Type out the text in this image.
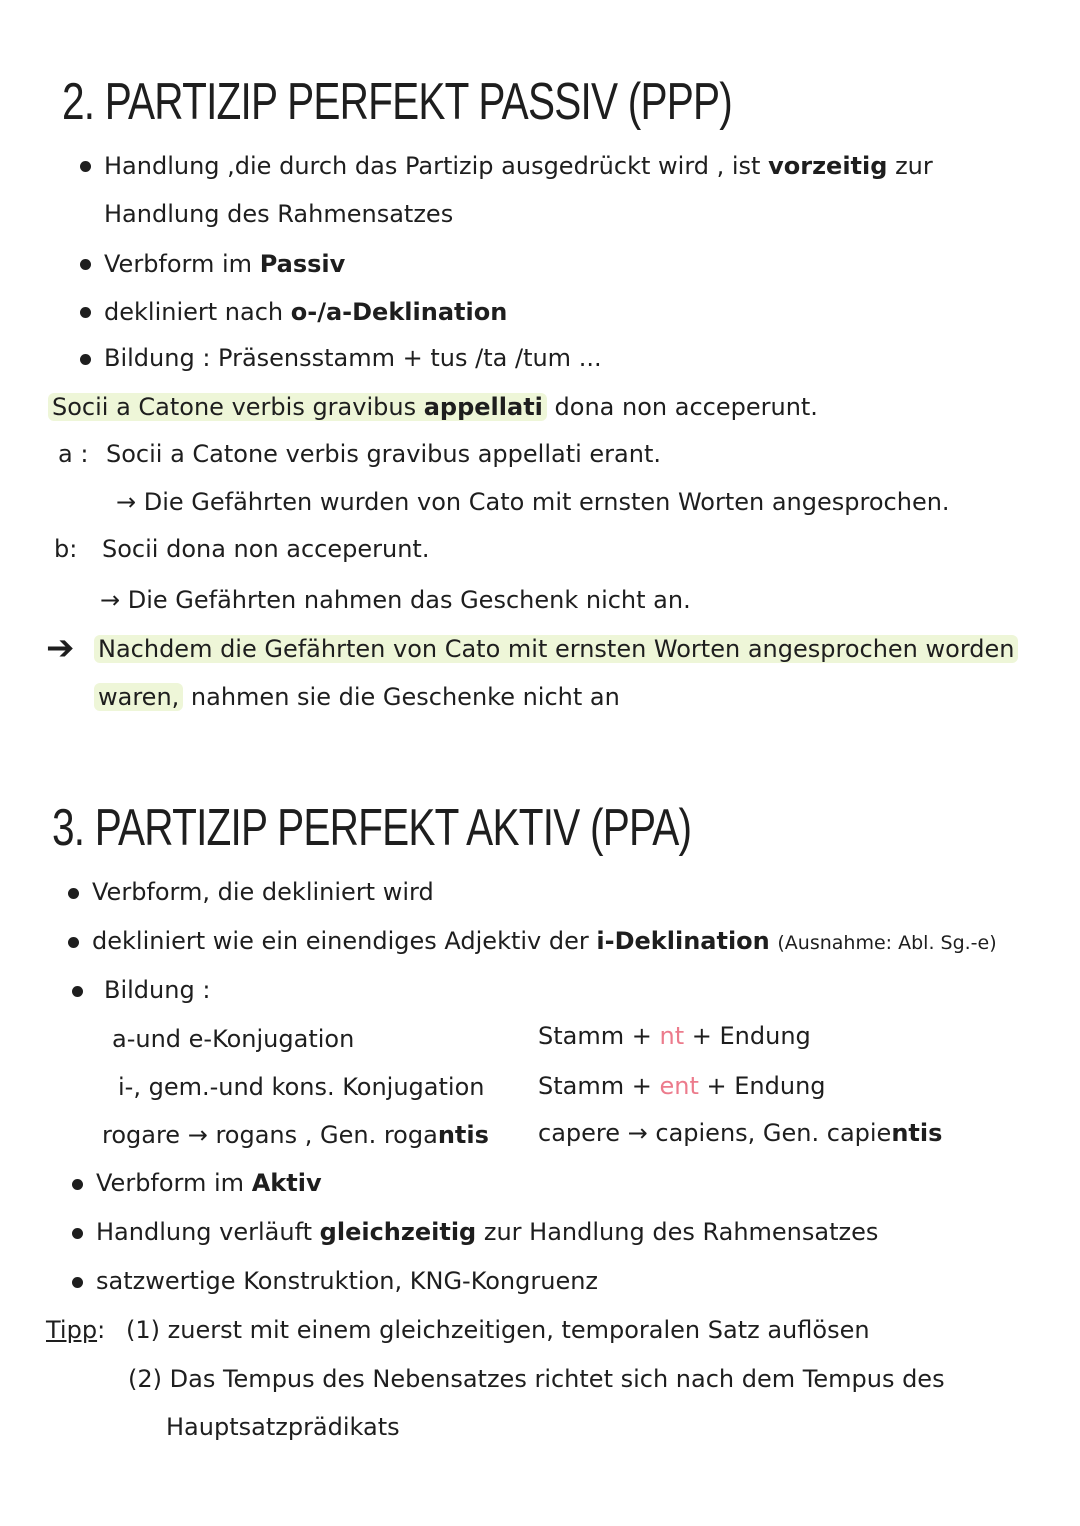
2. PARTIZIP PERFEKT PASSIV (PPP)
Handlung ,die durch das Partizip ausgedrückt wird , ist vorzeitig zur
Handlung des Rahmensatzes
Verbform im Passiv
dekliniert nach o-/a-Deklination
Bildung : Präsensstamm + tus /ta /tum ...
Socii a Catone verbis gravibus appellati dona non acceperunt.
a : Socii a Catone verbis gravibus appellati erant.
→ Die Gefährten wurden von Cato mit ernsten Worten angesprochen.
b: Socii dona non acceperunt.
→ Die Gefährten nahmen das Geschenk nicht an.
➔ Nachdem die Gefährten von Cato mit ernsten Worten angesprochen worden
waren, nahmen sie die Geschenke nicht an
3. PARTIZIP PERFEKT AKTIV (PPA)
Verbform, die dekliniert wird
dekliniert wie ein einendiges Adjektiv der i-Deklination (Ausnahme: Abl. Sg.-e)
Bildung :
a-und e-Konjugation	Stamm + nt + Endung
i-, gem.-und kons. Konjugation Stamm + ent + Endung
rogare → rogans , Gen. rogantis capere → capiens, Gen. capientis
Verbform im Aktiv
Handlung verläuft gleichzeitig zur Handlung des Rahmensatzes
satzwertige Konstruktion, KNG-Kongruenz
Tipp: (1) zuerst mit einem gleichzeitigen, temporalen Satz auflösen
(2) Das Tempus des Nebensatzes richtet sich nach dem Tempus des
Hauptsatzprädikats
